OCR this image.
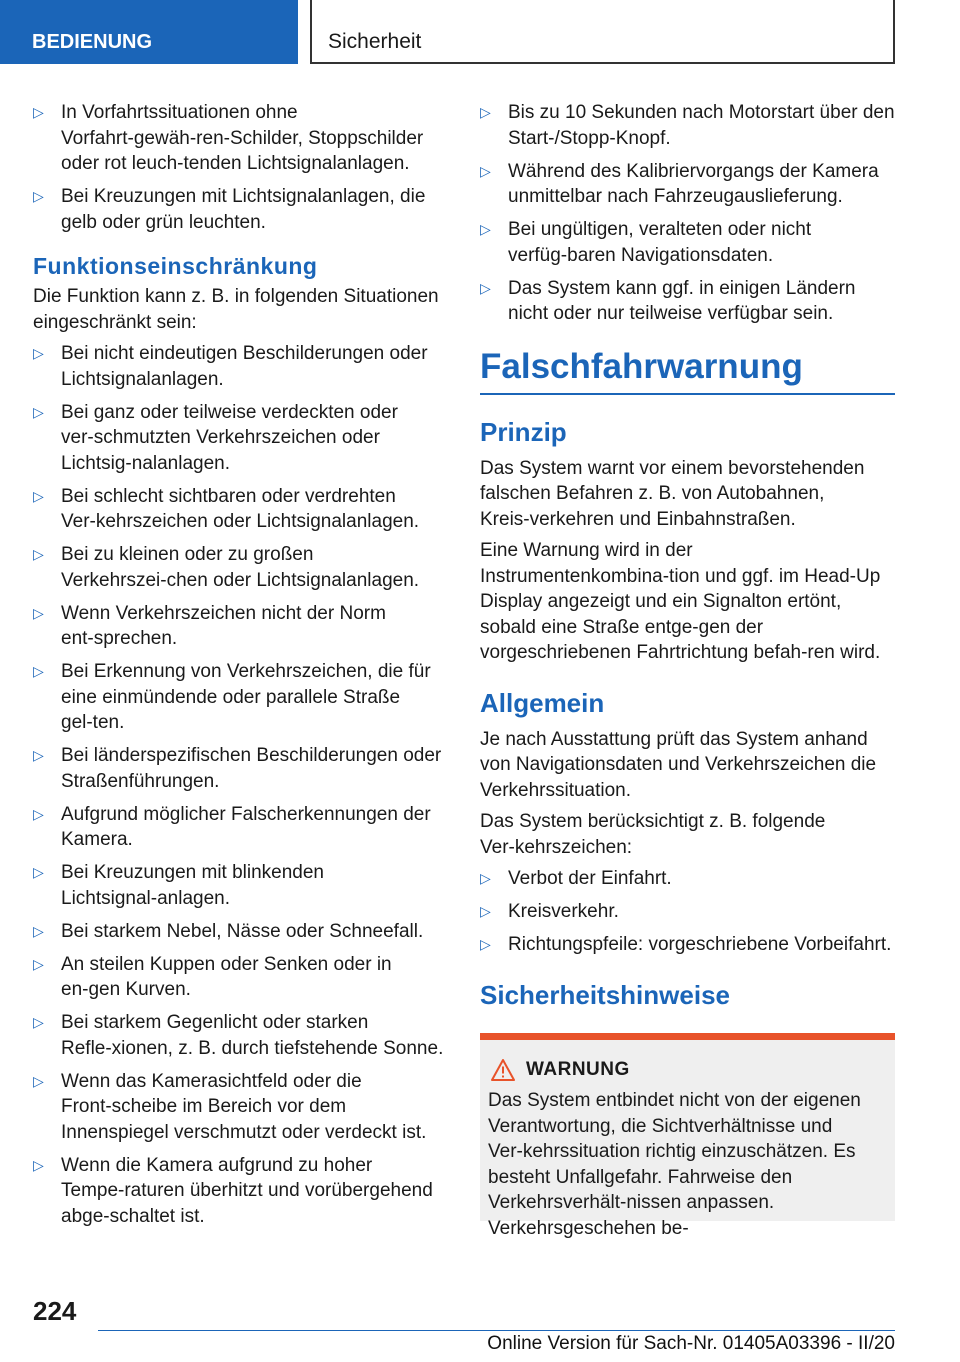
BEDIENUNG	Sicherheit
▷ In Vorfahrtssituationen ohne Vorfahrt‑gewäh‑ren‑Schilder, Stoppschilder oder rot leuch‑tenden Lichtsignalanlagen.
▷ Bei Kreuzungen mit Lichtsignalanlagen, die gelb oder grün leuchten.
Funktionseinschränkung

Die Funktion kann z. B. in folgenden Situationen eingeschränkt sein:

▷ Bei nicht eindeutigen Beschilderungen oder Lichtsignalanlagen.
▷ Bei ganz oder teilweise verdeckten oder ver‑schmutzten Verkehrszeichen oder Lichtsig‑nalanlagen.
▷ Bei schlecht sichtbaren oder verdrehten Ver‑kehrszeichen oder Lichtsignalanlagen.
▷ Bei zu kleinen oder zu großen Verkehrszei‑chen oder Lichtsignalanlagen.
▷ Wenn Verkehrszeichen nicht der Norm ent‑sprechen.
▷ Bei Erkennung von Verkehrszeichen, die für eine einmündende oder parallele Straße gel‑ten.
▷ Bei länderspezifischen Beschilderungen oder Straßenführungen.
▷ Aufgrund möglicher Falscherkennungen der Kamera.
▷ Bei Kreuzungen mit blinkenden Lichtsignal‑anlagen.
▷ Bei starkem Nebel, Nässe oder Schneefall.
▷ An steilen Kuppen oder Senken oder in en‑gen Kurven.
▷ Bei starkem Gegenlicht oder starken Refle‑xionen, z. B. durch tiefstehende Sonne.
▷ Wenn das Kamerasichtfeld oder die Front‑scheibe im Bereich vor dem Innenspiegel verschmutzt oder verdeckt ist.
▷ Wenn die Kamera aufgrund zu hoher Tempe‑raturen überhitzt und vorübergehend abge‑schaltet ist.
▷ Bis zu 10 Sekunden nach Motorstart über den Start‑/Stopp‑Knopf.
▷ Während des Kalibriervorgangs der Kamera unmittelbar nach Fahrzeugauslieferung.
▷ Bei ungültigen, veralteten oder nicht verfüg‑baren Navigationsdaten.
▷ Das System kann ggf. in einigen Ländern nicht oder nur teilweise verfügbar sein.
Falschfahrwarnung
Prinzip

Das System warnt vor einem bevorstehenden falschen Befahren z. B. von Autobahnen, Kreis‑verkehren und Einbahnstraßen.

Eine Warnung wird in der Instrumentenkombina‑tion und ggf. im Head‑Up Display angezeigt und ein Signalton ertönt, sobald eine Straße entge‑gen der vorgeschriebenen Fahrtrichtung befah‑ren wird.

Allgemein

Je nach Ausstattung prüft das System anhand von Navigationsdaten und Verkehrszeichen die Verkehrssituation.

Das System berücksichtigt z. B. folgende Ver‑kehrszeichen:

▷ Verbot der Einfahrt.
▷ Kreisverkehr.
▷ Richtungspfeile: vorgeschriebene Vorbeifahrt.
Sicherheitshinweise
WARNUNG
Das System entbindet nicht von der eigenen Verantwortung, die Sichtverhältnisse und Ver‑kehrssituation richtig einzuschätzen. Es besteht Unfallgefahr. Fahrweise den Verkehrsverhält‑nissen anpassen. Verkehrsgeschehen be‑
224
Online Version für Sach-Nr. 01405A03396 - II/20
